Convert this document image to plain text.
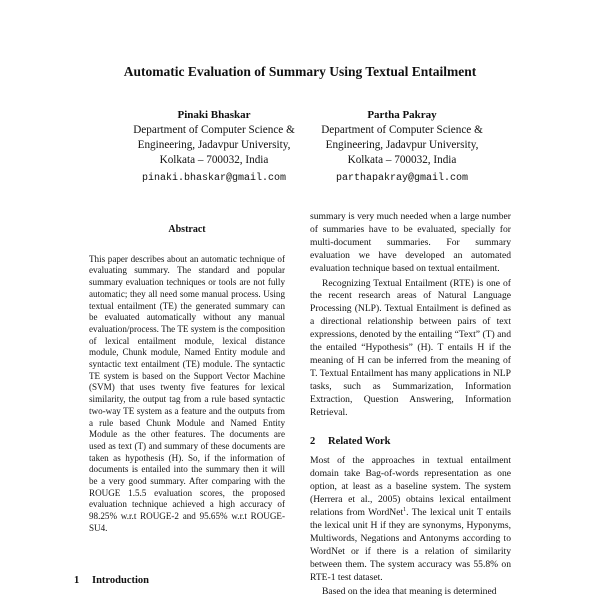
Automatic Evaluation of Summary Using Textual Entailment
Pinaki Bhaskar
Department of Computer Science &
Engineering, Jadavpur University,
Kolkata – 700032, India
pinaki.bhaskar@gmail.com
Partha Pakray
Department of Computer Science &
Engineering, Jadavpur University,
Kolkata – 700032, India
parthapakray@gmail.com
Abstract

This paper describes about an automatic technique of evaluating summary. The standard and popular summary evaluation techniques or tools are not fully automatic; they all need some manual process. Using textual entailment (TE) the generated summary can be evaluated automatically without any manual evaluation/process. The TE system is the composition of lexical entailment module, lexical distance module, Chunk module, Named Entity module and syntactic text entailment (TE) module. The syntactic TE system is based on the Support Vector Machine (SVM) that uses twenty five features for lexical similarity, the output tag from a rule based syntactic two-way TE system as a feature and the outputs from a rule based Chunk Module and Named Entity Module as the other features. The documents are used as text (T) and summary of these documents are taken as hypothesis (H). So, if the information of documents is entailed into the summary then it will be a very good summary. After comparing with the ROUGE 1.5.5 evaluation scores, the proposed evaluation technique achieved a high accuracy of 98.25% w.r.t ROUGE-2 and 95.65% w.r.t ROUGE-SU4.

1 Introduction

summary is very much needed when a large number of summaries have to be evaluated, specially for multi-document summaries. For summary evaluation we have developed an automated evaluation technique based on textual entailment.

Recognizing Textual Entailment (RTE) is one of the recent research areas of Natural Language Processing (NLP). Textual Entailment is defined as a directional relationship between pairs of text expressions, denoted by the entailing “Text” (T) and the entailed “Hypothesis” (H). T entails H if the meaning of H can be inferred from the meaning of T. Textual Entailment has many applications in NLP tasks, such as Summarization, Information Extraction, Question Answering, Information Retrieval.

2 Related Work

Most of the approaches in textual entailment domain take Bag-of-words representation as one option, at least as a baseline system. The system (Herrera et al., 2005) obtains lexical entailment relations from WordNet$^1$. The lexical unit T entails the lexical unit H if they are synonyms, Hyponyms, Multiwords, Negations and Antonyms according to WordNet or if there is a relation of similarity between them. The system accuracy was 55.8% on RTE-1 test dataset.

Based on the idea that meaning is determined
